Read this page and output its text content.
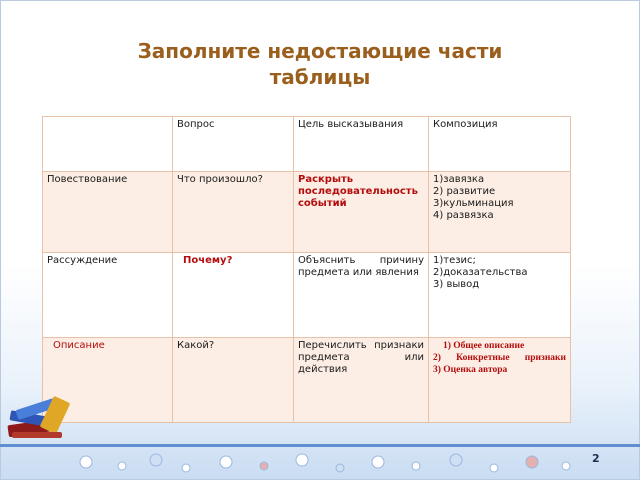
Заполните недостающие части
таблицы
	Вопрос	Цель высказывания	Композиция
Повествование	Что произошло?	Раскрыть последовательность событий	1)завязка
2) развитие
3)кульминация
4) развязка
Рассуждение	Почему?	Объяснить причину предмета или явления	1)тезис;
2)доказательства
3) вывод
Описание	Какой?	Перечислить признаки предмета или действия	1) Общее описание
2) Конкретные признаки
3) Оценка автора
2
